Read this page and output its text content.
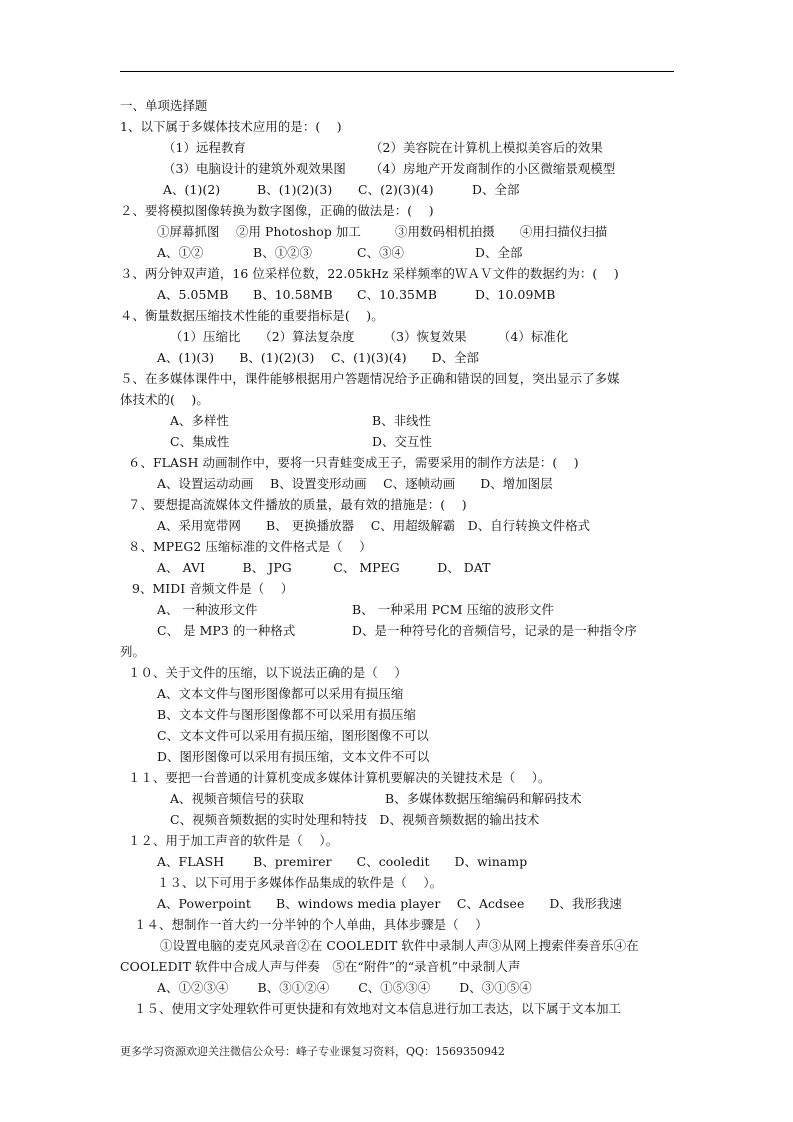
一、单项选择题
1、以下属于多媒体技术应用的是：(　 )
（1）远程教育	（2）美容院在计算机上模拟美容后的效果
（3）电脑设计的建筑外观效果图 （4）房地产开发商制作的小区微缩景观模型
A、(1)(2)	B、(1)(2)(3) C、(2)(3)(4)	D、全部
２、要将模拟图像转换为数字图像，正确的做法是：(　 )
①屏幕抓图　 ②用 Photoshop 加工	③用数码相机拍摄　　④用扫描仪扫描
A、①②	B、①②③	C、③④	D、全部
３、两分钟双声道，16 位采样位数，22.05kHz 采样频率的ＷＡＶ文件的数据约为：(　 )
A、5.05MB B、10.58MB C、10.35MB	D、10.09MB
４、衡量数据压缩技术性能的重要指标是(　 )。
（1）压缩比　　（2）算法复杂度　　 （3）恢复效果　　　（4）标准化
A、(1)(3)　　B、(1)(2)(3)　 C、(1)(3)(4)　　D、全部
５、在多媒体课件中，课件能够根据用户答题情况给予正确和错误的回复，突出显示了多媒
体技术的(　 )。
A、多样性	B、非线性
C、集成性	D、交互性
６、FLASH 动画制作中，要将一只青蛙变成王子，需要采用的制作方法是：(　 )
A、设置运动动画　 B、设置变形动画　 C、逐帧动画　　D、增加图层
７、要想提高流媒体文件播放的质量，最有效的措施是：(　 )
A、采用宽带网　　B、 更换播放器　 C、用超级解霸　D、自行转换文件格式
８、MPEG2 压缩标准的文件格式是（　 ）
A、 AVI　　　B、 JPG　　　 C、 MPEG　　　D、 DAT
9、MIDI 音频文件是（　 ）
A、 一种波形文件	B、 一种采用 PCM 压缩的波形文件
C、 是 MP3 的一种格式	D、是一种符号化的音频信号，记录的是一种指令序
列。
１０、关于文件的压缩，以下说法正确的是（　 ）
A、文本文件与图形图像都可以采用有损压缩
B、文本文件与图形图像都不可以采用有损压缩
C、文本文件可以采用有损压缩，图形图像不可以
D、图形图像可以采用有损压缩，文本文件不可以
１１、要把一台普通的计算机变成多媒体计算机要解决的关键技术是（　 ）。
A、视频音频信号的获取	B、多媒体数据压缩编码和解码技术
C、视频音频数据的实时处理和特技　D、视频音频数据的输出技术
１２、用于加工声音的软件是（　 ）。
A、FLASH　　 B、premirer　　C、cooledit　　D、winamp
１３、以下可用于多媒体作品集成的软件是（　 ）。
A、Powerpoint　　B、windows media player　 C、Acdsee　　D、我形我速
１４、想制作一首大约一分半钟的个人单曲，具体步骤是（　 ）
①设置电脑的麦克风录音②在 COOLEDIT 软件中录制人声③从网上搜索伴奏音乐④在
COOLEDIT 软件中合成人声与伴奏　⑤在“附件”的“录音机”中录制人声
A、①②③④　　 B、③①②④　　 C、①⑤③④　　 D、③①⑤④
１５、使用文字处理软件可更快捷和有效地对文本信息进行加工表达，以下属于文本加工
更多学习资源欢迎关注微信公众号：峰子专业课复习资料，QQ：1569350942
